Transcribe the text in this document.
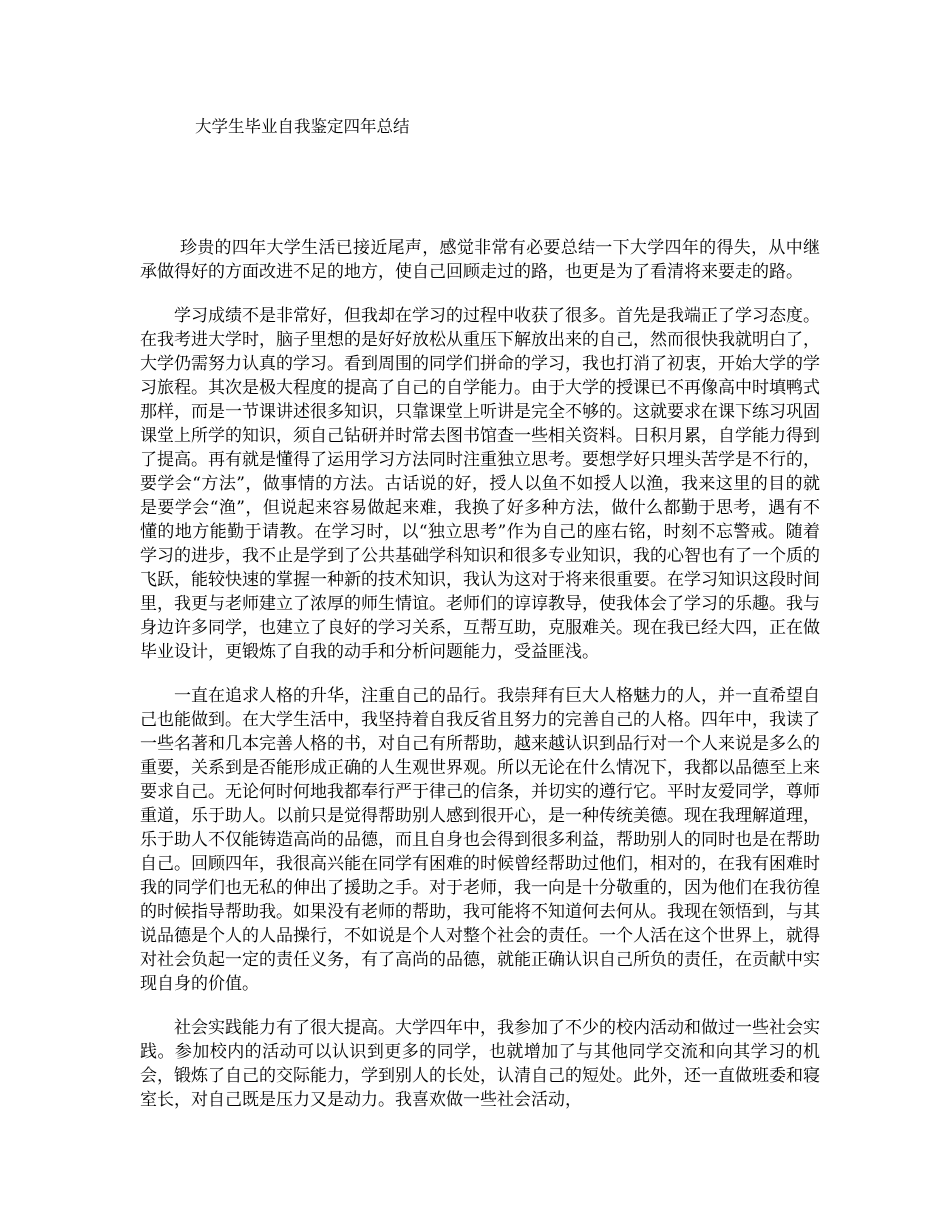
大学生毕业自我鉴定四年总结

珍贵的四年大学生活已接近尾声，感觉非常有必要总结一下大学四年的得失，从中继承做得好的方面改进不足的地方，使自己回顾走过的路，也更是为了看清将来要走的路。

学习成绩不是非常好，但我却在学习的过程中收获了很多。首先是我端正了学习态度。在我考进大学时，脑子里想的是好好放松从重压下解放出来的自己，然而很快我就明白了，大学仍需努力认真的学习。看到周围的同学们拼命的学习，我也打消了初衷，开始大学的学习旅程。其次是极大程度的提高了自己的自学能力。由于大学的授课已不再像高中时填鸭式那样，而是一节课讲述很多知识，只靠课堂上听讲是完全不够的。这就要求在课下练习巩固课堂上所学的知识，须自己钻研并时常去图书馆查一些相关资料。日积月累，自学能力得到了提高。再有就是懂得了运用学习方法同时注重独立思考。要想学好只埋头苦学是不行的，要学会“方法”，做事情的方法。古话说的好，授人以鱼不如授人以渔，我来这里的目的就是要学会“渔”，但说起来容易做起来难，我换了好多种方法，做什么都勤于思考，遇有不懂的地方能勤于请教。在学习时，以“独立思考”作为自己的座右铭，时刻不忘警戒。随着学习的进步，我不止是学到了公共基础学科知识和很多专业知识，我的心智也有了一个质的飞跃，能较快速的掌握一种新的技术知识，我认为这对于将来很重要。在学习知识这段时间里，我更与老师建立了浓厚的师生情谊。老师们的谆谆教导，使我体会了学习的乐趣。我与身边许多同学，也建立了良好的学习关系，互帮互助，克服难关。现在我已经大四，正在做毕业设计，更锻炼了自我的动手和分析问题能力，受益匪浅。

一直在追求人格的升华，注重自己的品行。我崇拜有巨大人格魅力的人，并一直希望自己也能做到。在大学生活中，我坚持着自我反省且努力的完善自己的人格。四年中，我读了一些名著和几本完善人格的书，对自己有所帮助，越来越认识到品行对一个人来说是多么的重要，关系到是否能形成正确的人生观世界观。所以无论在什么情况下，我都以品德至上来要求自己。无论何时何地我都奉行严于律己的信条，并切实的遵行它。平时友爱同学，尊师重道，乐于助人。以前只是觉得帮助别人感到很开心，是一种传统美德。现在我理解道理，乐于助人不仅能铸造高尚的品德，而且自身也会得到很多利益，帮助别人的同时也是在帮助自己。回顾四年，我很高兴能在同学有困难的时候曾经帮助过他们，相对的，在我有困难时我的同学们也无私的伸出了援助之手。对于老师，我一向是十分敬重的，因为他们在我彷徨的时候指导帮助我。如果没有老师的帮助，我可能将不知道何去何从。我现在领悟到，与其说品德是个人的人品操行，不如说是个人对整个社会的责任。一个人活在这个世界上，就得对社会负起一定的责任义务，有了高尚的品德，就能正确认识自己所负的责任，在贡献中实现自身的价值。

社会实践能力有了很大提高。大学四年中，我参加了不少的校内活动和做过一些社会实践。参加校内的活动可以认识到更多的同学，也就增加了与其他同学交流和向其学习的机会，锻炼了自己的交际能力，学到别人的长处，认清自己的短处。此外，还一直做班委和寝室长，对自己既是压力又是动力。我喜欢做一些社会活动，
